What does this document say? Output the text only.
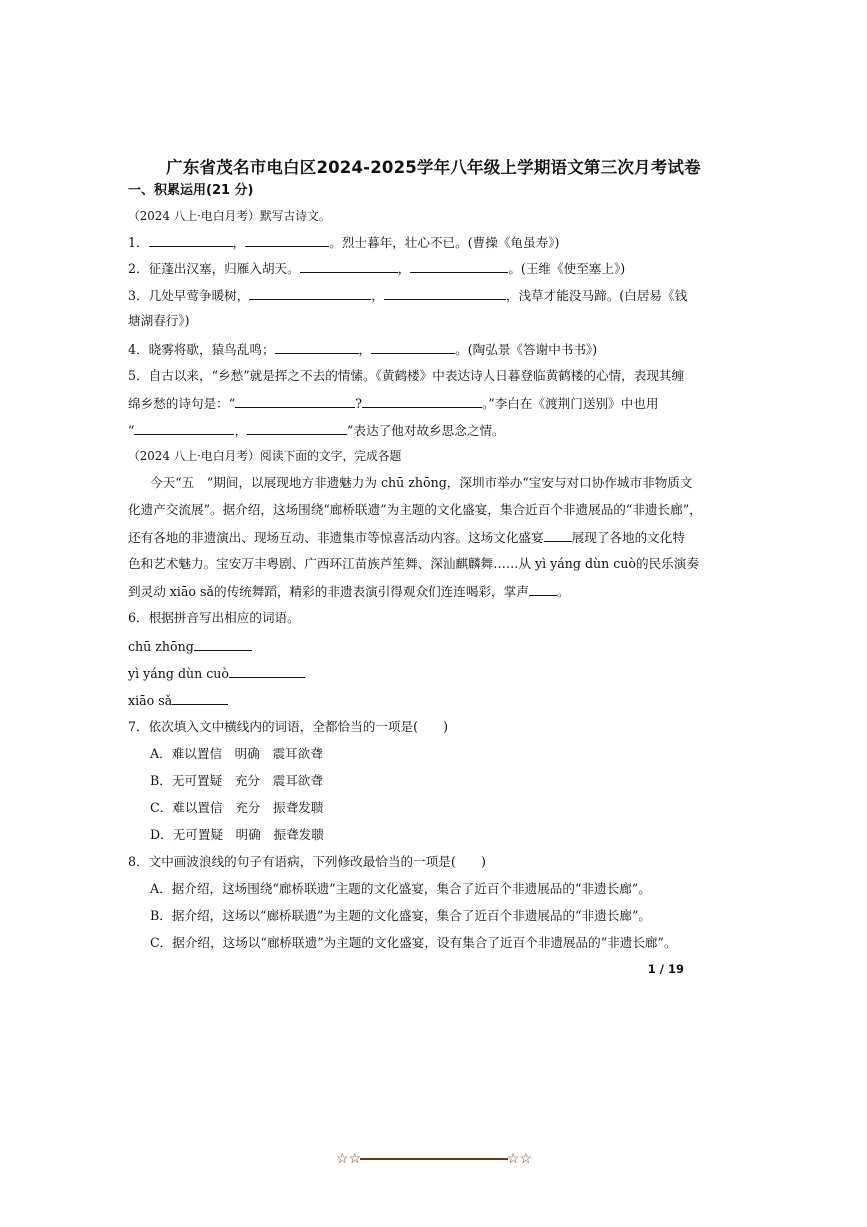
广东省茂名市电白区2024-2025学年八年级上学期语文第三次月考试卷
一、积累运用(21 分)
（2024 八上·电白月考）默写古诗文。
1．	，	。烈士暮年，壮心不已。(曹操《龟虽寿》)
2．征蓬出汉塞，归雁入胡天。	，	。(王维《使至塞上》)
3．几处早莺争暖树，	，	，浅草才能没马蹄。(白居易《钱
塘湖春行》)
4．晓雾将歇，猿鸟乱鸣；	，	。(陶弘景《答谢中书书》)
5．自古以来，“乡愁”就是挥之不去的情愫。《黄鹤楼》中表达诗人日暮登临黄鹤楼的心情，表现其缠
绵乡愁的诗句是：“	?	。”李白在《渡荆门送别》中也用
“	，	”表达了他对故乡思念之情。
（2024 八上·电白月考）阅读下面的文字，完成各题
今天“五　”期间，以展现地方非遗魅力为 chū zhōng，深圳市举办“宝安与对口协作城市非物质文
化遗产交流展”。据介绍，这场围绕“廊桥联遗”为主题的文化盛宴，集合近百个非遗展品的“非遗长廊”，
还有各地的非遗演出、现场互动、非遗集市等惊喜活动内容。这场文化盛宴 展现了各地的文化特
色和艺术魅力。宝安万丰粤剧、广西环江苗族芦笙舞、深汕麒麟舞……从 yì yáng dùn cuò的民乐演奏
到灵动 xiāo sǎ的传统舞蹈，精彩的非遗表演引得观众们连连喝彩，掌声 。
6．根据拼音写出相应的词语。
chū zhōng
yì yáng dùn cuò
xiāo sǎ
7．依次填入文中横线内的词语，全都恰当的一项是(　　)
A．难以置信　明确　震耳欲聋
B．无可置疑　充分　震耳欲聋
C．难以置信　充分　振聋发聩
D．无可置疑　明确　振聋发聩
8．文中画波浪线的句子有语病，下列修改最恰当的一项是(　　)
A．据介绍，这场围绕“廊桥联遗”主题的文化盛宴，集合了近百个非遗展品的“非遗长廊”。
B．据介绍，这场以“廊桥联遗”为主题的文化盛宴，集合了近百个非遗展品的“非遗长廊”。
C．据介绍，这场以“廊桥联遗”为主题的文化盛宴，设有集合了近百个非遗展品的“非遗长廊”。
1 / 19
☆☆	☆☆
